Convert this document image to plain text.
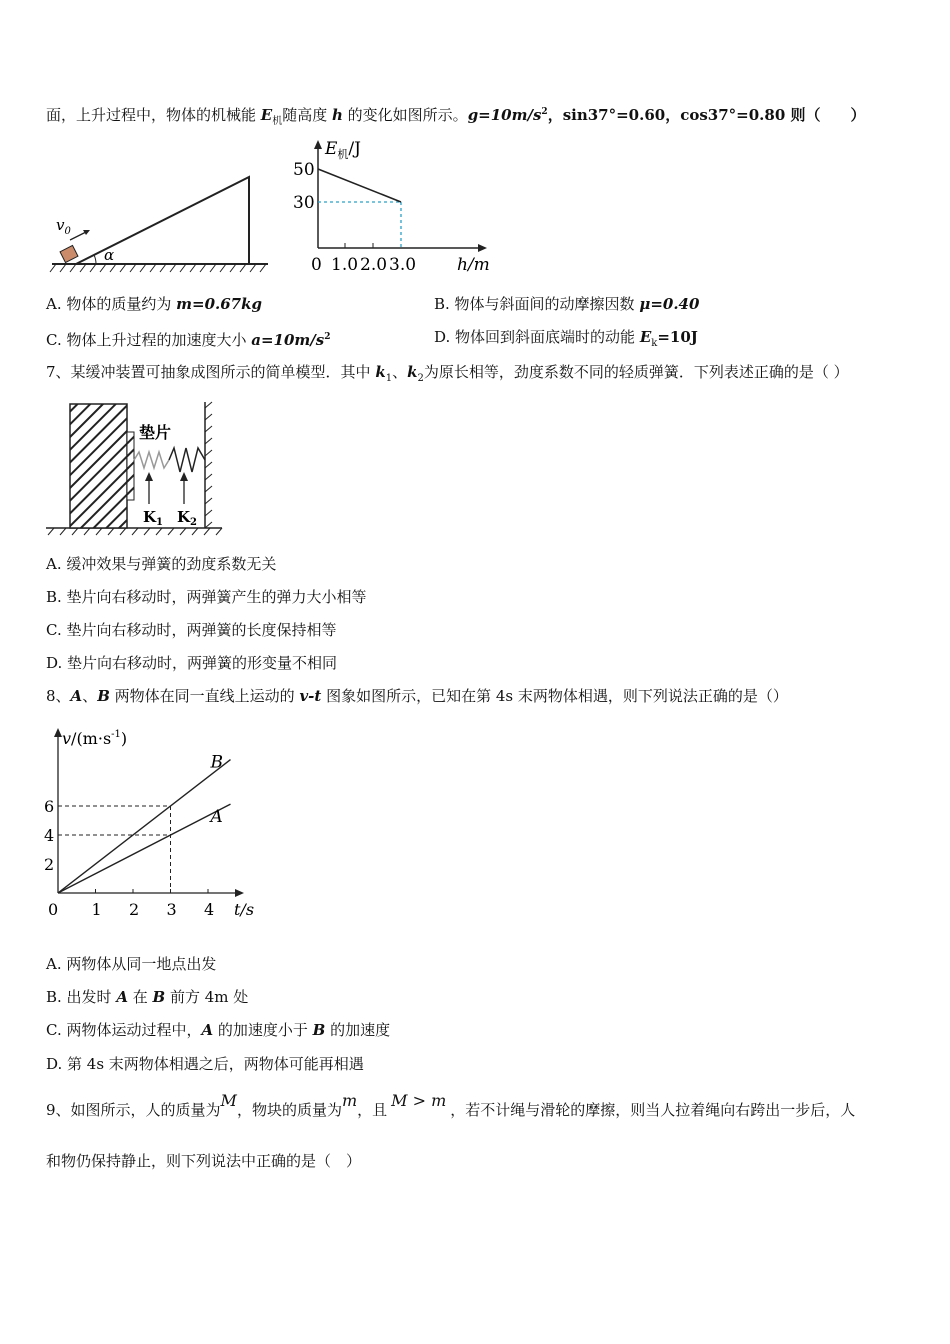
面，上升过程中，物体的机械能 $E_机$随高度 h 的变化如图所示。$g=10m/s^2$，sin37°=0.60，cos37°=0.80 则（　　）
$v_0$
α
$E_机/J$
50
30
0 1.0 2.0 3.0 h/m
A. 物体的质量约为 m=0.67kg	B. 物体与斜面间的动摩擦因数 μ=0.40
C. 物体上升过程的加速度大小 $a=10m/s^2$	D. 物体回到斜面底端时的动能 $E_k=10J$
7、某缓冲装置可抽象成图所示的简单模型．其中 $k_1$、$k_2$为原长相等，劲度系数不同的轻质弹簧．下列表述正确的是（ ）
垫片
$K_1$ $K_2$
A. 缓冲效果与弹簧的劲度系数无关
B. 垫片向右移动时，两弹簧产生的弹力大小相等
C. 垫片向右移动时，两弹簧的长度保持相等
D. 垫片向右移动时，两弹簧的形变量不相同
8、A、B 两物体在同一直线上运动的 v-t 图象如图所示，已知在第 4s 末两物体相遇，则下列说法正确的是（）
$v/(m\cdot s^{-1})$
t/s
0 1 2 3 4
2
4
6
B
A
A. 两物体从同一地点出发
B. 出发时 A 在 B 前方 4m 处
C. 两物体运动过程中，A 的加速度小于 B 的加速度
D. 第 4s 末两物体相遇之后，两物体可能再相遇
9、如图所示，人的质量为M，物块的质量为m，且 M > m ，若不计绳与滑轮的摩擦，则当人拉着绳向右跨出一步后，人
和物仍保持静止，则下列说法中正确的是（　）
